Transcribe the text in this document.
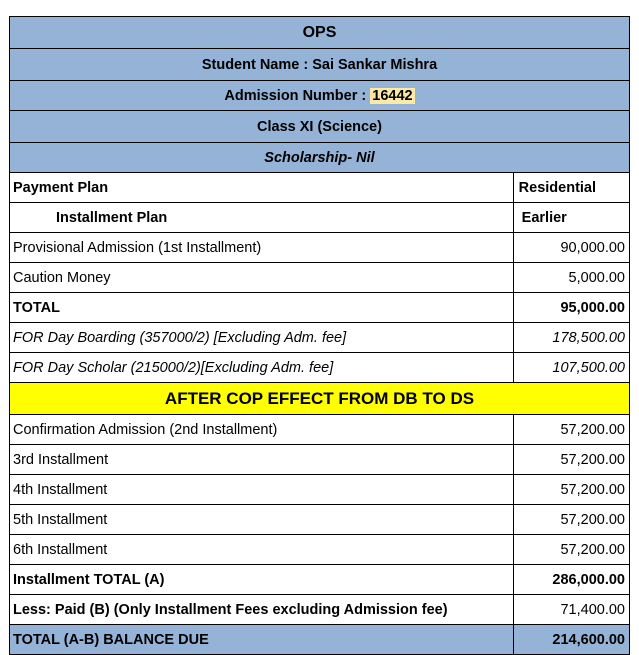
OPS	
Student Name : Sai Sankar Mishra	
Admission Number : 16442	
Class XI (Science)	
Scholarship- Nil	
Payment Plan	Residential
Installment Plan	Earlier
Provisional Admission (1st Installment)	90,000.00
Caution Money	5,000.00
TOTAL	95,000.00
FOR Day Boarding (357000/2) [Excluding Adm. fee]	178,500.00
FOR Day Scholar (215000/2)[Excluding Adm. fee]	107,500.00
AFTER COP EFFECT FROM DB TO DS	
Confirmation Admission (2nd Installment)	57,200.00
3rd Installment	57,200.00
4th Installment	57,200.00
5th Installment	57,200.00
6th Installment	57,200.00
Installment TOTAL (A)	286,000.00
Less: Paid (B) (Only Installment Fees excluding Admission fee)	71,400.00
TOTAL (A-B) BALANCE DUE	214,600.00
